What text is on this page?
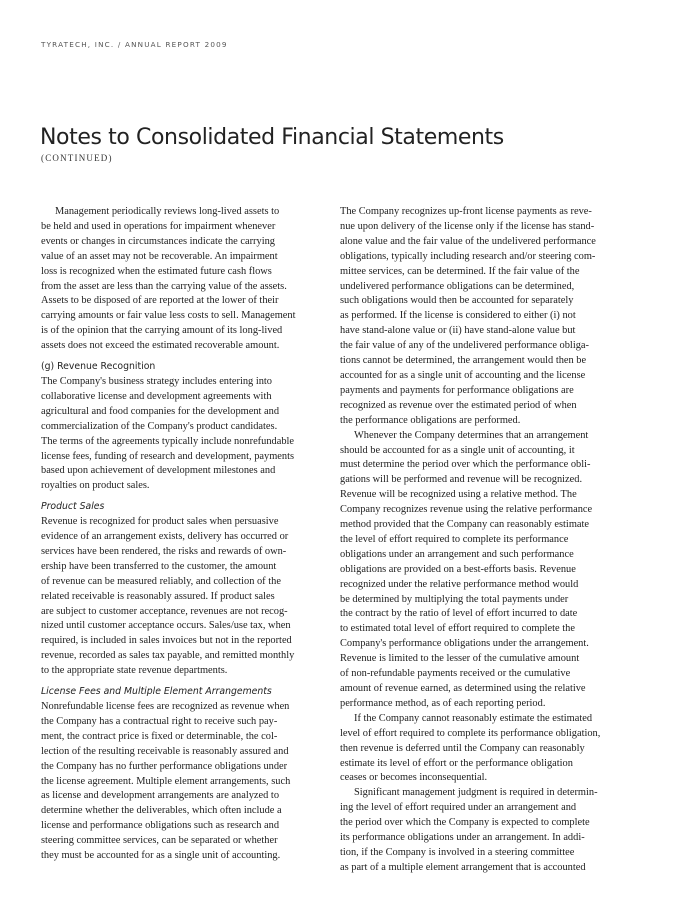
TYRATECH, INC. / ANNUAL REPORT 2009
Notes to Consolidated Financial Statements
(CONTINUED)

Management periodically reviews long-lived assets to
be held and used in operations for impairment whenever
events or changes in circumstances indicate the carrying
value of an asset may not be recoverable. An impairment
loss is recognized when the estimated future cash flows
from the asset are less than the carrying value of the assets.
Assets to be disposed of are reported at the lower of their
carrying amounts or fair value less costs to sell. Management
is of the opinion that the carrying amount of its long-lived
assets does not exceed the estimated recoverable amount.

(g) Revenue Recognition

The Company's business strategy includes entering into
collaborative license and development agreements with
agricultural and food companies for the development and
commercialization of the Company's product candidates.
The terms of the agreements typically include nonrefundable
license fees, funding of research and development, payments
based upon achievement of development milestones and
royalties on product sales.

Product Sales

Revenue is recognized for product sales when persuasive
evidence of an arrangement exists, delivery has occurred or
services have been rendered, the risks and rewards of own-
ership have been transferred to the customer, the amount
of revenue can be measured reliably, and collection of the
related receivable is reasonably assured. If product sales
are subject to customer acceptance, revenues are not recog-
nized until customer acceptance occurs. Sales/use tax, when
required, is included in sales invoices but not in the reported
revenue, recorded as sales tax payable, and remitted monthly
to the appropriate state revenue departments.

License Fees and Multiple Element Arrangements

Nonrefundable license fees are recognized as revenue when
the Company has a contractual right to receive such pay-
ment, the contract price is fixed or determinable, the col-
lection of the resulting receivable is reasonably assured and
the Company has no further performance obligations under
the license agreement. Multiple element arrangements, such
as license and development arrangements are analyzed to
determine whether the deliverables, which often include a
license and performance obligations such as research and
steering committee services, can be separated or whether
they must be accounted for as a single unit of accounting.

The Company recognizes up-front license payments as reve-
nue upon delivery of the license only if the license has stand-
alone value and the fair value of the undelivered performance
obligations, typically including research and/or steering com-
mittee services, can be determined. If the fair value of the
undelivered performance obligations can be determined,
such obligations would then be accounted for separately
as performed. If the license is considered to either (i) not
have stand-alone value or (ii) have stand-alone value but
the fair value of any of the undelivered performance obliga-
tions cannot be determined, the arrangement would then be
accounted for as a single unit of accounting and the license
payments and payments for performance obligations are
recognized as revenue over the estimated period of when
the performance obligations are performed.

Whenever the Company determines that an arrangement
should be accounted for as a single unit of accounting, it
must determine the period over which the performance obli-
gations will be performed and revenue will be recognized.
Revenue will be recognized using a relative method. The
Company recognizes revenue using the relative performance
method provided that the Company can reasonably estimate
the level of effort required to complete its performance
obligations under an arrangement and such performance
obligations are provided on a best-efforts basis. Revenue
recognized under the relative performance method would
be determined by multiplying the total payments under
the contract by the ratio of level of effort incurred to date
to estimated total level of effort required to complete the
Company's performance obligations under the arrangement.
Revenue is limited to the lesser of the cumulative amount
of non-refundable payments received or the cumulative
amount of revenue earned, as determined using the relative
performance method, as of each reporting period.

If the Company cannot reasonably estimate the estimated
level of effort required to complete its performance obligation,
then revenue is deferred until the Company can reasonably
estimate its level of effort or the performance obligation
ceases or becomes inconsequential.

Significant management judgment is required in determin-
ing the level of effort required under an arrangement and
the period over which the Company is expected to complete
its performance obligations under an arrangement. In addi-
tion, if the Company is involved in a steering committee
as part of a multiple element arrangement that is accounted
